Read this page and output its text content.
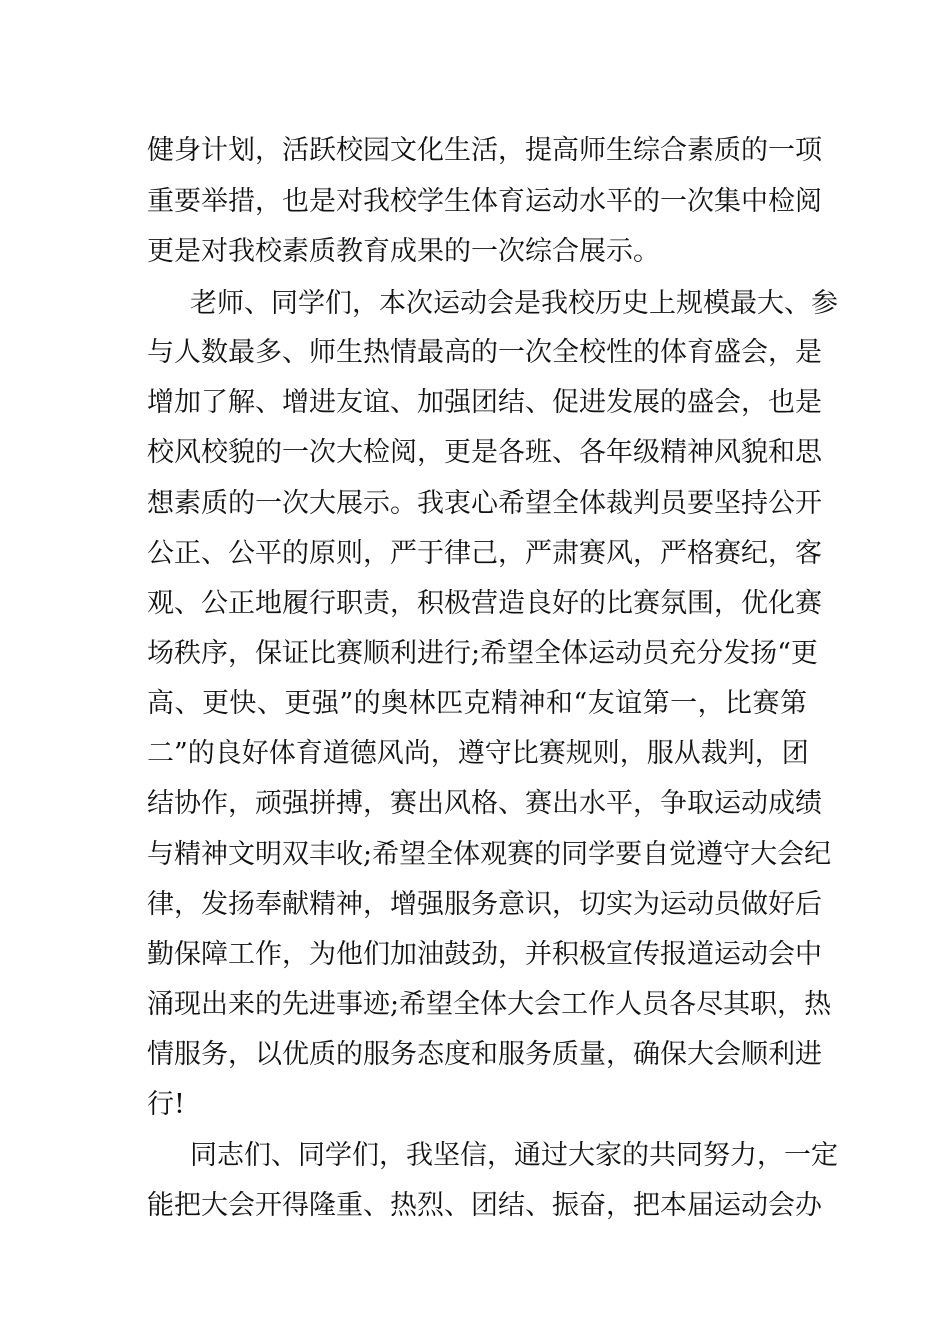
健身计划，活跃校园文化生活，提高师生综合素质的一项
重要举措，也是对我校学生体育运动水平的一次集中检阅
更是对我校素质教育成果的一次综合展示。
老师、同学们，本次运动会是我校历史上规模最大、参
与人数最多、师生热情最高的一次全校性的体育盛会，是
增加了解、增进友谊、加强团结、促进发展的盛会，也是
校风校貌的一次大检阅，更是各班、各年级精神风貌和思
想素质的一次大展示。我衷心希望全体裁判员要坚持公开
公正、公平的原则，严于律己，严肃赛风，严格赛纪，客
观、公正地履行职责，积极营造良好的比赛氛围，优化赛
场秩序，保证比赛顺利进行;希望全体运动员充分发扬“更
高、更快、更强”的奥林匹克精神和“友谊第一，比赛第
二”的良好体育道德风尚，遵守比赛规则，服从裁判，团
结协作，顽强拼搏，赛出风格、赛出水平，争取运动成绩
与精神文明双丰收;希望全体观赛的同学要自觉遵守大会纪
律，发扬奉献精神，增强服务意识，切实为运动员做好后
勤保障工作，为他们加油鼓劲，并积极宣传报道运动会中
涌现出来的先进事迹;希望全体大会工作人员各尽其职，热
情服务，以优质的服务态度和服务质量，确保大会顺利进
行!
同志们、同学们，我坚信，通过大家的共同努力，一定
能把大会开得隆重、热烈、团结、振奋，把本届运动会办
